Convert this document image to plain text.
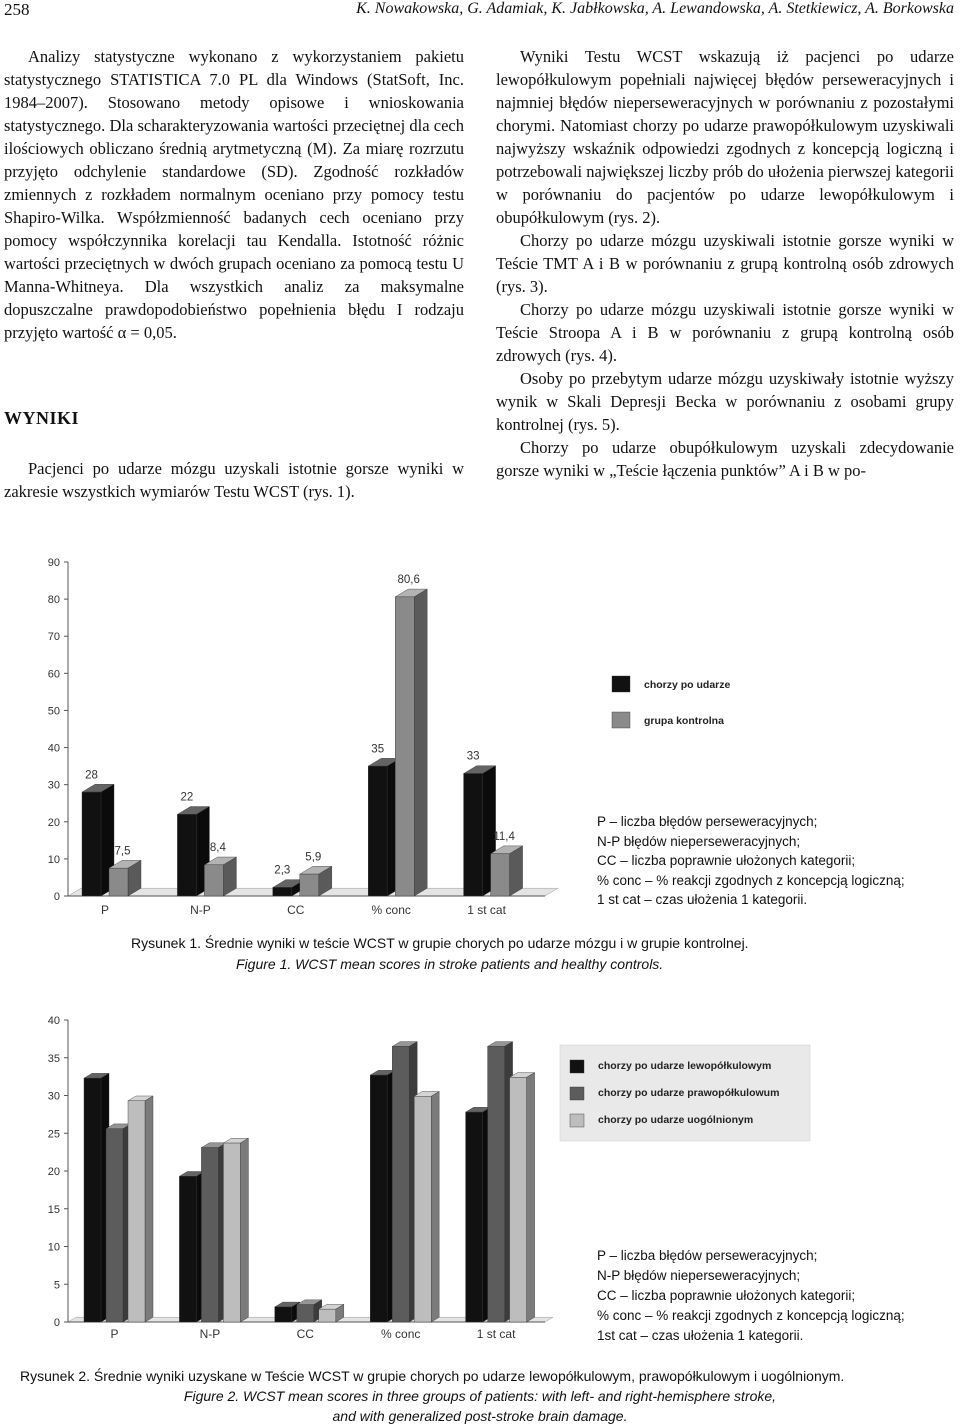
258	K. Nowakowska, G. Adamiak, K. Jabłkowska, A. Lewandowska, A. Stetkiewicz, A. Borkowska

Analizy statystyczne wykonano z wykorzystaniem pakietu statystycznego STATISTICA 7.0 PL dla Windows (StatSoft, Inc. 1984–2007). Stosowano metody opisowe i wnioskowania statystycznego. Dla scharakteryzowania wartości przeciętnej dla cech ilościowych obliczano średnią arytmetyczną (M). Za miarę rozrzutu przyjęto odchylenie standardowe (SD). Zgodność rozkładów zmiennych z rozkładem normalnym oceniano przy pomocy testu Shapiro-Wilka. Współzmienność badanych cech oceniano przy pomocy współczynnika korelacji tau Kendalla. Istotność różnic wartości przeciętnych w dwóch grupach oceniano za pomocą testu U Manna-Whitneya. Dla wszystkich analiz za maksymalne dopuszczalne prawdopodobieństwo popełnienia błędu I rodzaju przyjęto wartość α = 0,05.

WYNIKI

Pacjenci po udarze mózgu uzyskali istotnie gorsze wyniki w zakresie wszystkich wymiarów Testu WCST (rys. 1).

Wyniki Testu WCST wskazują iż pacjenci po udarze lewopółkulowym popełniali najwięcej błędów perseweracyjnych i najmniej błędów nieperseweracyjnych w porównaniu z pozostałymi chorymi. Natomiast chorzy po udarze prawopółkulowym uzyskiwali najwyższy wskaźnik odpowiedzi zgodnych z koncepcją logiczną i potrzebowali największej liczby prób do ułożenia pierwszej kategorii w porównaniu do pacjentów po udarze lewopółkulowym i obupółkulowym (rys. 2).

Chorzy po udarze mózgu uzyskiwali istotnie gorsze wyniki w Teście TMT A i B w porównaniu z grupą kontrolną osób zdrowych (rys. 3).

Chorzy po udarze mózgu uzyskiwali istotnie gorsze wyniki w Teście Stroopa A i B w porównaniu z grupą kontrolną osób zdrowych (rys. 4).

Osoby po przebytym udarze mózgu uzyskiwały istotnie wyższy wynik w Skali Depresji Becka w porównaniu z osobami grupy kontrolnej (rys. 5).

Chorzy po udarze obupółkulowym uzyskali zdecydowanie gorsze wyniki w „Teście łączenia punktów” A i B w po-

0
10
20
30
40
50
60
70
80
90
28
7,5
P
22
8,4
N-P
2,3
5,9
CC
35
80,6
% conc
33
11,4
1 st cat
chorzy po udarze
grupa kontrolna
P – liczba błędów perseweracyjnych;
N-P błędów nieperseweracyjnych;
CC – liczba poprawnie ułożonych kategorii;
% conc – % reakcji zgodnych z koncepcją logiczną;
1 st cat – czas ułożenia 1 kategorii.
Rysunek 1. Średnie wyniki w teście WCST w grupie chorych po udarze mózgu i w grupie kontrolnej.
Figure 1. WCST mean scores in stroke patients and healthy controls.
0
5
10
15
20
25
30
35
40
P	N-P	CC	% conc	1 st cat
chorzy po udarze lewopółkulowym
chorzy po udarze prawopółkulowum
chorzy po udarze uogólnionym
P – liczba błędów perseweracyjnych;
N-P błędów nieperseweracyjnych;
CC – liczba poprawnie ułożonych kategorii;
% conc – % reakcji zgodnych z koncepcją logiczną;
1st cat – czas ułożenia 1 kategorii.
Rysunek 2. Średnie wyniki uzyskane w Teście WCST w grupie chorych po udarze lewopółkulowym, prawopółkulowym i uogólnionym.
Figure 2. WCST mean scores in three groups of patients: with left- and right-hemisphere stroke,
and with generalized post-stroke brain damage.
